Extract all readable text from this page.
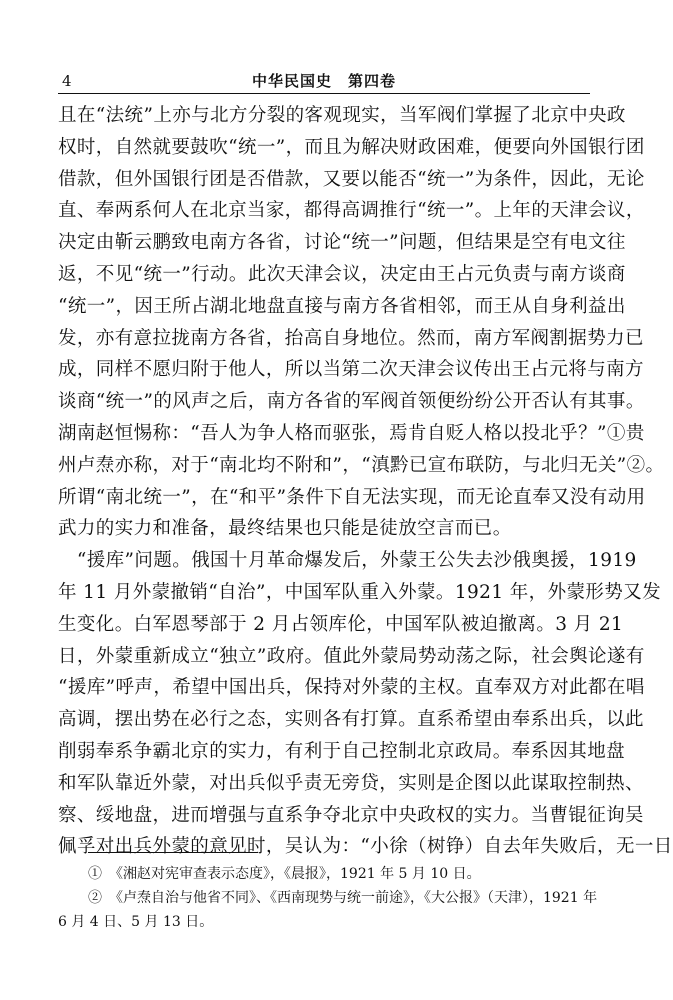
4	中华民国史　第四卷
且在“法统”上亦与北方分裂的客观现实，当军阀们掌握了北京中央政
权时，自然就要鼓吹“统一”，而且为解决财政困难，便要向外国银行团
借款，但外国银行团是否借款，又要以能否“统一”为条件，因此，无论
直、奉两系何人在北京当家，都得高调推行“统一”。上年的天津会议，
决定由靳云鹏致电南方各省，讨论“统一”问题，但结果是空有电文往
返，不见“统一”行动。此次天津会议，决定由王占元负责与南方谈商
“统一”，因王所占湖北地盘直接与南方各省相邻，而王从自身利益出
发，亦有意拉拢南方各省，抬高自身地位。然而，南方军阀割据势力已
成，同样不愿归附于他人，所以当第二次天津会议传出王占元将与南方
谈商“统一”的风声之后，南方各省的军阀首领便纷纷公开否认有其事。
湖南赵恒惕称：“吾人为争人格而驱张，焉肯自贬人格以投北乎？”①贵
州卢焘亦称，对于“南北均不附和”，“滇黔已宣布联防，与北归无关”②。
所谓“南北统一”，在“和平”条件下自无法实现，而无论直奉又没有动用
武力的实力和准备，最终结果也只能是徒放空言而已。
　“援库”问题。俄国十月革命爆发后，外蒙王公失去沙俄奥援，1919
年 11 月外蒙撤销“自治”，中国军队重入外蒙。1921 年，外蒙形势又发
生变化。白军恩琴部于 2 月占领库伦，中国军队被迫撤离。3 月 21
日，外蒙重新成立“独立”政府。值此外蒙局势动荡之际，社会舆论遂有
“援库”呼声，希望中国出兵，保持对外蒙的主权。直奉双方对此都在唱
高调，摆出势在必行之态，实则各有打算。直系希望由奉系出兵，以此
削弱奉系争霸北京的实力，有利于自己控制北京政局。奉系因其地盘
和军队靠近外蒙，对出兵似乎责无旁贷，实则是企图以此谋取控制热、
察、绥地盘，进而增强与直系争夺北京中央政权的实力。当曹锟征询吴
佩孚对出兵外蒙的意见时，吴认为：“小徐（树铮）自去年失败后，无一日
①　《湘赵对宪审查表示态度》，《晨报》，1921 年 5 月 10 日。
②　《卢焘自治与他省不同》、《西南现势与统一前途》，《大公报》（天津），1921 年
6 月 4 日、5 月 13 日。
